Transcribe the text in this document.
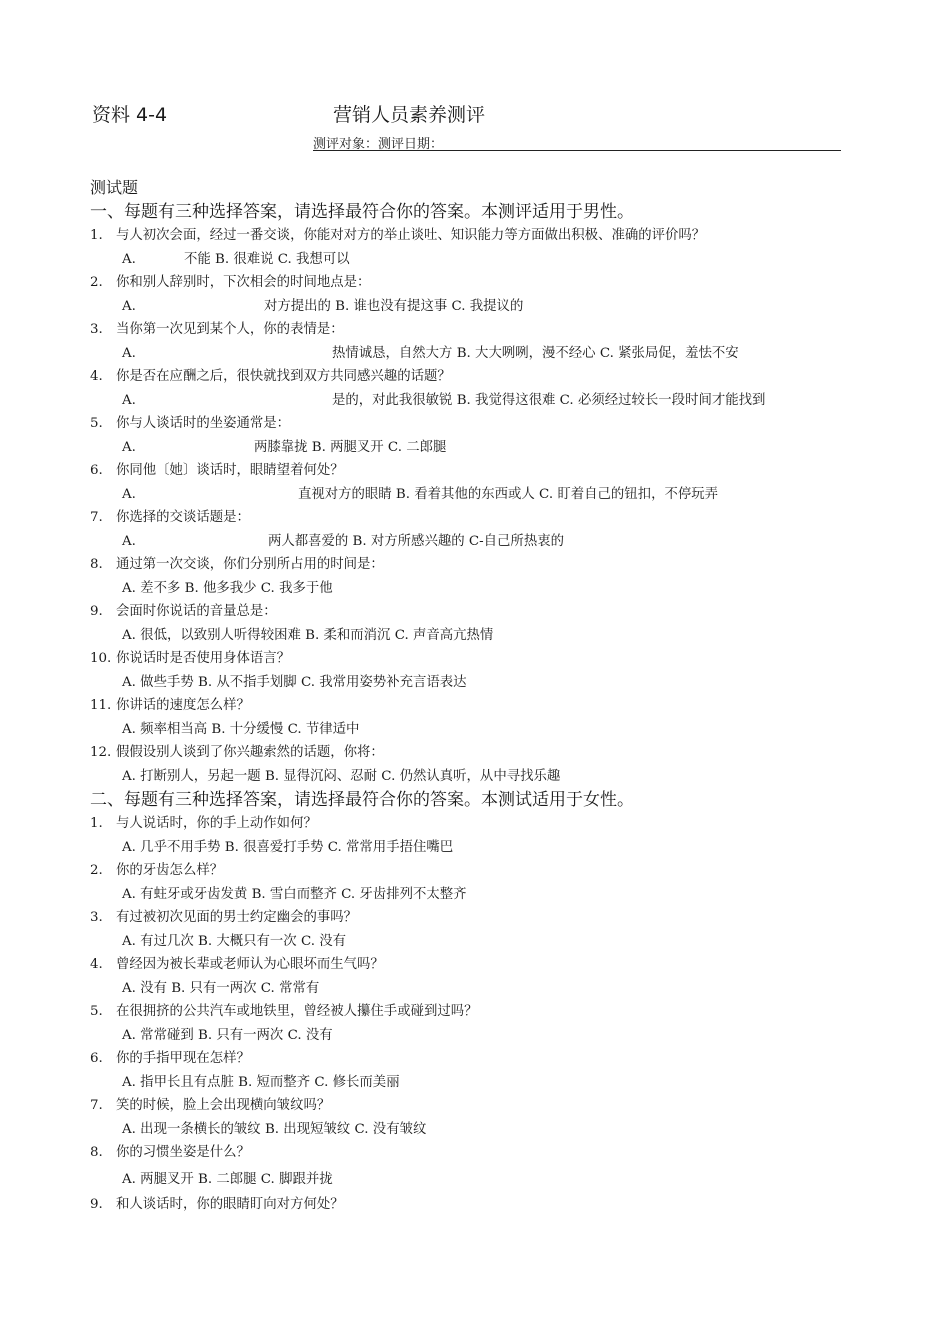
资料 4-4	营销人员素养测评
测评对象：测评日期：
测试题
一、每题有三种选择答案，请选择最符合你的答案。本测评适用于男性。
1. 与人初次会面，经过一番交谈，你能对对方的举止谈吐、知识能力等方面做出积极、准确的评价吗？
A.	不能 B. 很难说 C. 我想可以
2. 你和别人辞别时，下次相会的时间地点是：
A.	对方提出的 B. 谁也没有提这事 C. 我提议的
3. 当你第一次见到某个人，你的表情是：
A.	热情诚恳，自然大方 B. 大大咧咧，漫不经心 C. 紧张局促，羞怯不安
4. 你是否在应酬之后，很快就找到双方共同感兴趣的话题？
A.	是的，对此我很敏锐 B. 我觉得这很难 C. 必须经过较长一段时间才能找到
5. 你与人谈话时的坐姿通常是：
A.	两膝靠拢 B. 两腿叉开 C. 二郎腿
6. 你同他〔她〕谈话时，眼睛望着何处？
A.	直视对方的眼睛 B. 看着其他的东西或人 C. 盯着自己的钮扣，不停玩弄
7. 你选择的交谈话题是：
A.	两人都喜爱的 B. 对方所感兴趣的 C-自己所热衷的
8. 通过第一次交谈，你们分别所占用的时间是：
A. 差不多 B. 他多我少 C. 我多于他
9. 会面时你说话的音量总是：
A. 很低，以致别人听得较困难 B. 柔和而消沉 C. 声音高亢热情
10. 你说话时是否使用身体语言？
A. 做些手势 B. 从不指手划脚 C. 我常用姿势补充言语表达
11. 你讲话的速度怎么样？
A. 频率相当高 B. 十分缓慢 C. 节律适中
12. 假假设别人谈到了你兴趣索然的话题，你将：
A. 打断别人，另起一题 B. 显得沉闷、忍耐 C. 仍然认真听，从中寻找乐趣
二、每题有三种选择答案，请选择最符合你的答案。本测试适用于女性。
1. 与人说话时，你的手上动作如何？
A. 几乎不用手势 B. 很喜爱打手势 C. 常常用手捂住嘴巴
2. 你的牙齿怎么样？
A. 有蛀牙或牙齿发黄 B. 雪白而整齐 C. 牙齿排列不太整齐
3. 有过被初次见面的男士约定幽会的事吗？
A. 有过几次 B. 大概只有一次 C. 没有
4. 曾经因为被长辈或老师认为心眼坏而生气吗？
A. 没有 B. 只有一两次 C. 常常有
5. 在很拥挤的公共汽车或地铁里，曾经被人攥住手或碰到过吗？
A. 常常碰到 B. 只有一两次 C. 没有
6. 你的手指甲现在怎样？
A. 指甲长且有点脏 B. 短而整齐 C. 修长而美丽
7. 笑的时候，脸上会出现横向皱纹吗？
A. 出现一条横长的皱纹 B. 出现短皱纹 C. 没有皱纹
8. 你的习惯坐姿是什么？
A. 两腿叉开 B. 二郎腿 C. 脚跟并拢
9. 和人谈话时，你的眼睛盯向对方何处？
